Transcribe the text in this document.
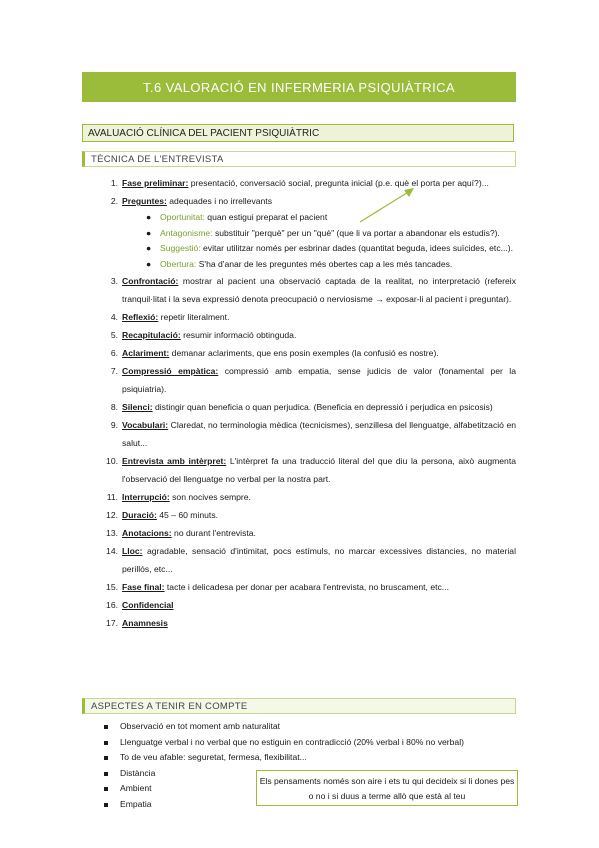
T.6 VALORACIÓ EN INFERMERIA PSIQUIÀTRICA
AVALUACIÓ CLÍNICA DEL PACIENT PSIQUIÀTRIC
TÈCNICA DE L'ENTREVISTA
1. Fase preliminar: presentació, conversació social, pregunta inicial (p.e. què el porta per aquí?)...
2. Preguntes: adequades i no irrellevants
● Oportunitat: quan estigui preparat el pacient
● Antagonisme: substituir "perquè" per un "què" (que li va portar a abandonar els estudis?).
● Suggestió: evitar utilitzar només per esbrinar dades (quantitat beguda, idees suïcides, etc...).
● Obertura: S'ha d'anar de les preguntes més obertes cap a les més tancades.
3. Confrontació: mostrar al pacient una observació captada de la realitat, no interpretació (refereix tranquil·litat i la seva expressió denota preocupació o nerviosisme → exposar-li al pacient i preguntar).
4. Reflexió: repetir literalment.
5. Recapitulació: resumir informació obtinguda.
6. Aclariment: demanar aclariments, que ens posin exemples (la confusió es nostre).
7. Compressió empàtica: compressió amb empatia, sense judicis de valor (fonamental per la psiquiatria).
8. Silenci: distingir quan beneficia o quan perjudica. (Beneficia en depressió i perjudica en psicosis)
9. Vocabulari: Claredat, no terminologia mèdica (tecnicismes), senzillesa del llenguatge, alfabetització en salut...
10. Entrevista amb intèrpret: L'intèrpret fa una traducció literal del que diu la persona, això augmenta l'observació del llenguatge no verbal per la nostra part.
11. Interrupció: son nocives sempre.
12. Duració: 45 – 60 minuts.
13. Anotacions: no durant l'entrevista.
14. Lloc: agradable, sensació d'intimitat, pocs estímuls, no marcar excessives distancies, no material perillós, etc...
15. Fase final: tacte i delicadesa per donar per acabara l'entrevista, no bruscament, etc...
16. Confidencial
17. Anamnesis
ASPECTES A TENIR EN COMPTE
Observació en tot moment amb naturalitat
Llenguatge verbal i no verbal que no estiguin en contradicció (20% verbal i 80% no verbal)
To de veu afable: seguretat, fermesa, flexibilitat...
Distància
Ambient
Empatia
Els pensaments només son aire i ets tu qui decideix si li dones pes o no i si duus a terme allò que està al teu
